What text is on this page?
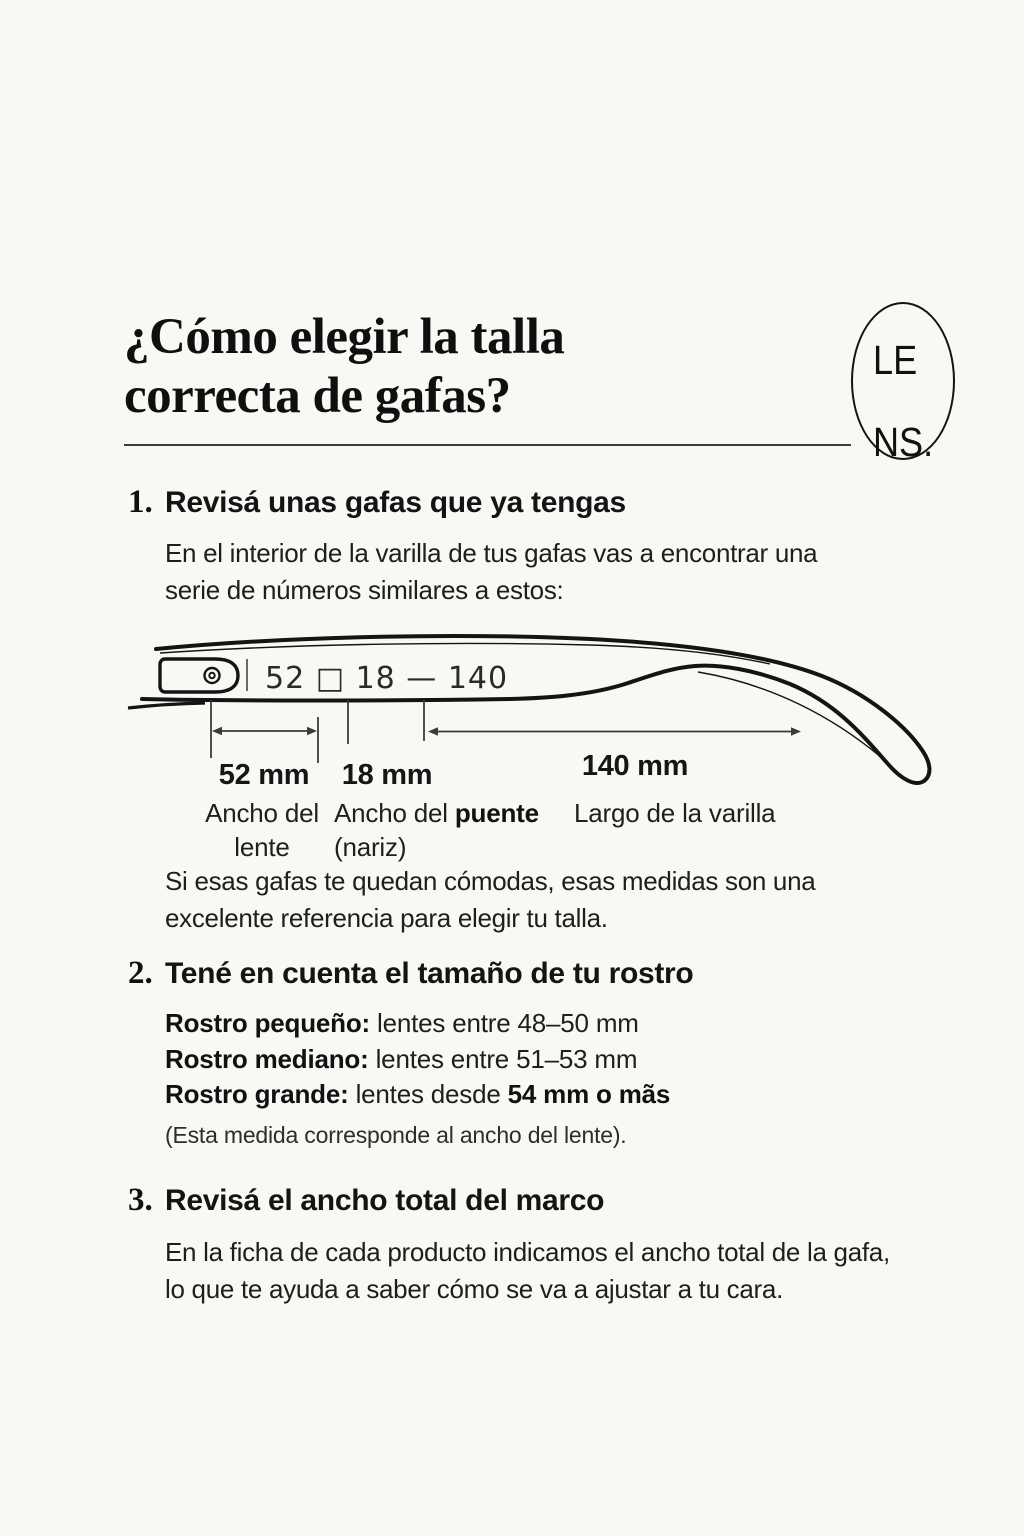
¿Cómo elegir la talla
correcta de gafas?
LE

NS.
1. Revisá unas gafas que ya tengas
En el interior de la varilla de tus gafas vas a encontrar una
serie de números similares a estos:
52 □ 18 — 140
52 mm 18 mm	140 mm
Ancho del
lente
Ancho del puente
(nariz)
Largo de la varilla
Si esas gafas te quedan cómodas, esas medidas son una
excelente referencia para elegir tu talla.
2. Tené en cuenta el tamaño de tu rostro
Rostro pequeño: lentes entre 48–50 mm
Rostro mediano: lentes entre 51–53 mm
Rostro grande: lentes desde 54 mm o mãs
(Esta medida corresponde al ancho del lente).
3. Revisá el ancho total del marco
En la ficha de cada producto indicamos el ancho total de la gafa,
lo que te ayuda a saber cómo se va a ajustar a tu cara.
